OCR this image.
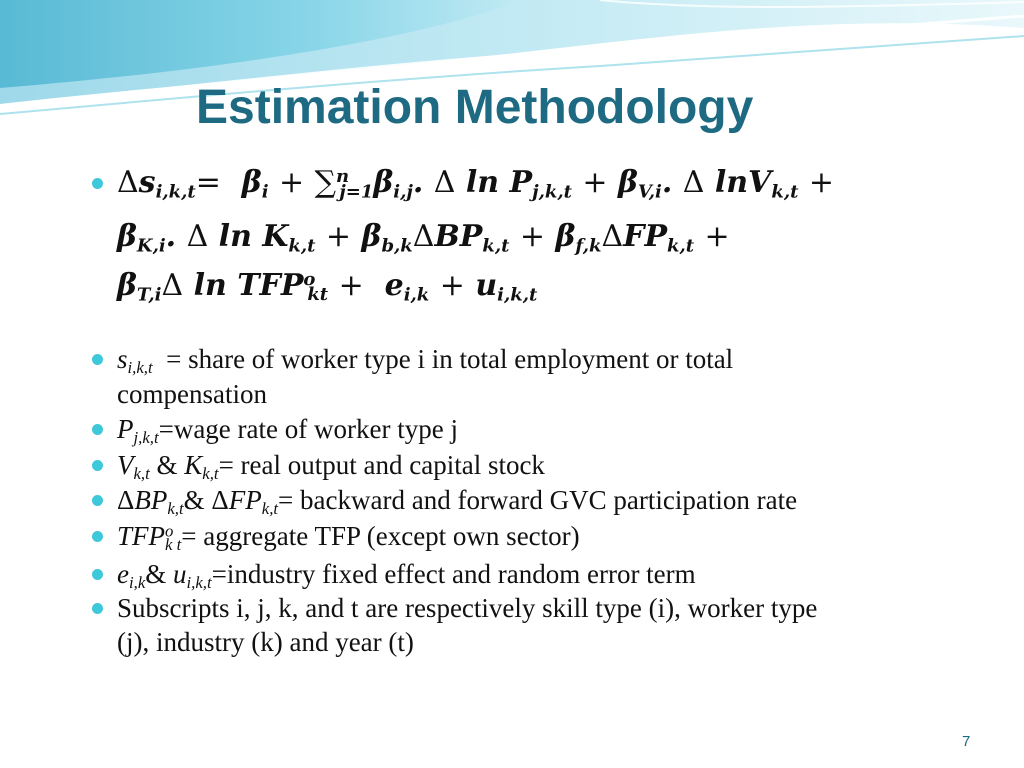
Estimation Methodology
$\Delta s_{i,k,t}= \beta_i + \sum^n_{j=1}\beta_{i,j}$. Δ $\ln P_{j,k,t} + \beta_{V,i}$. Δ lnV$_{k,t}$ +
$\beta_{K,i}$. Δ $\ln K_{k,t} + \beta_{b,k}\Delta BP_{k,t} + \beta_{f,k}\Delta FP_{k,t}$ +
$\beta_{T,i}\Delta$ $\ln TFP^o_{kt} + e_{i,k} + u_{i,k,t}$
$s_{i,k,t}$ = share of worker type i in total employment or total
compensation
$P_{j,k,t}=wage$ rate of worker type j
$V_{k,t}$ & $K_{k,t}=$ real output and capital stock
$\Delta BP_{k,t}\&$ $\Delta FP_{k,t}=$ backward and forward GVC participation rate
$TFP^o_{k t}=$ aggregate TFP (except own sector)
$e_{i,k}\&$ $u_{i,k,t}=industry$ fixed effect and random error term
Subscripts i, j, k, and t are respectively skill type (i), worker type
(j), industry (k) and year (t)
7
